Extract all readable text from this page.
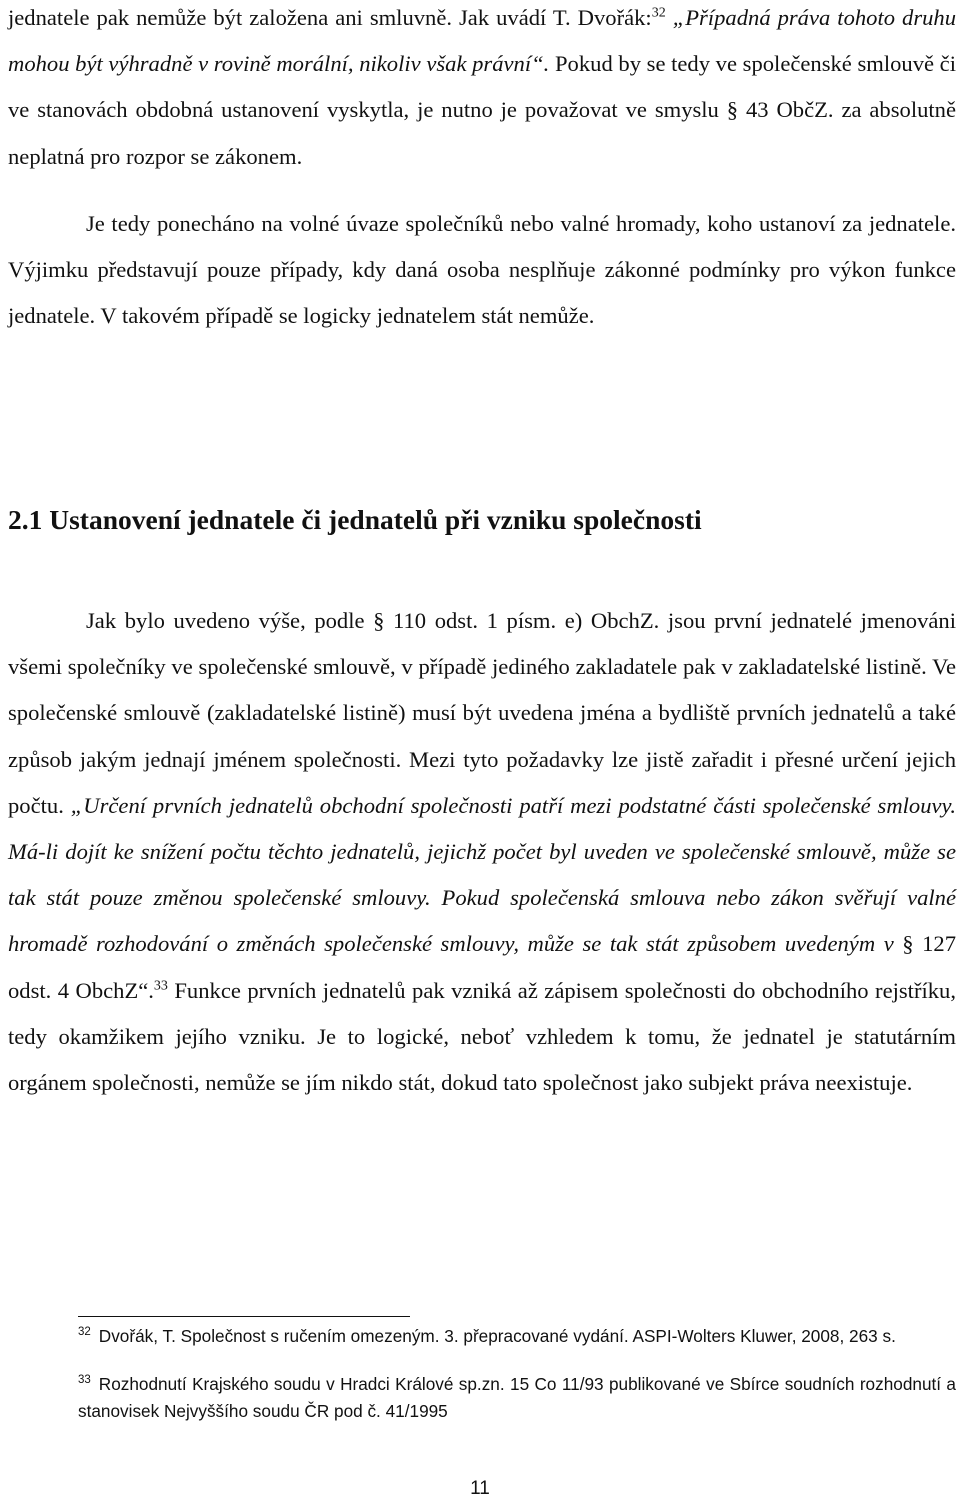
jednatele pak nemůže být založena ani smluvně. Jak uvádí T. Dvořák:$^{32}$ „Případná práva tohoto druhu mohou být výhradně v rovině morální, nikoliv však právní“. Pokud by se tedy ve společenské smlouvě či ve stanovách obdobná ustanovení vyskytla, je nutno je považovat ve smyslu § 43 ObčZ. za absolutně neplatná pro rozpor se zákonem.

Je tedy ponecháno na volné úvaze společníků nebo valné hromady, koho ustanoví za jednatele. Výjimku představují pouze případy, kdy daná osoba nesplňuje zákonné podmínky pro výkon funkce jednatele. V takovém případě se logicky jednatelem stát nemůže.

2.1 Ustanovení jednatele či jednatelů při vzniku společnosti

Jak bylo uvedeno výše, podle § 110 odst. 1 písm. e) ObchZ. jsou první jednatelé jmenováni všemi společníky ve společenské smlouvě, v případě jediného zakladatele pak v zakladatelské listině. Ve společenské smlouvě (zakladatelské listině) musí být uvedena jména a bydliště prvních jednatelů a také způsob jakým jednají jménem společnosti. Mezi tyto požadavky lze jistě zařadit i přesné určení jejich počtu. „Určení prvních jednatelů obchodní společnosti patří mezi podstatné části společenské smlouvy. Má-li dojít ke snížení počtu těchto jednatelů, jejichž počet byl uveden ve společenské smlouvě, může se tak stát pouze změnou společenské smlouvy. Pokud společenská smlouva nebo zákon svěřují valné hromadě rozhodování o změnách společenské smlouvy, může se tak stát způsobem uvedeným v § 127 odst. 4 ObchZ“.$^{33}$ Funkce prvních jednatelů pak vzniká až zápisem společnosti do obchodního rejstříku, tedy okamžikem jejího vzniku. Je to logické, neboť vzhledem k tomu, že jednatel je statutárním orgánem společnosti, nemůže se jím nikdo stát, dokud tato společnost jako subjekt práva neexistuje.

$^{32}$ Dvořák, T. Společnost s ručením omezeným. 3. přepracované vydání. ASPI-Wolters Kluwer, 2008, 263 s.

$^{33}$ Rozhodnutí Krajského soudu v Hradci Králové sp.zn. 15 Co 11/93 publikované ve Sbírce soudních rozhodnutí a stanovisek Nejvyššího soudu ČR pod č. 41/1995

11
